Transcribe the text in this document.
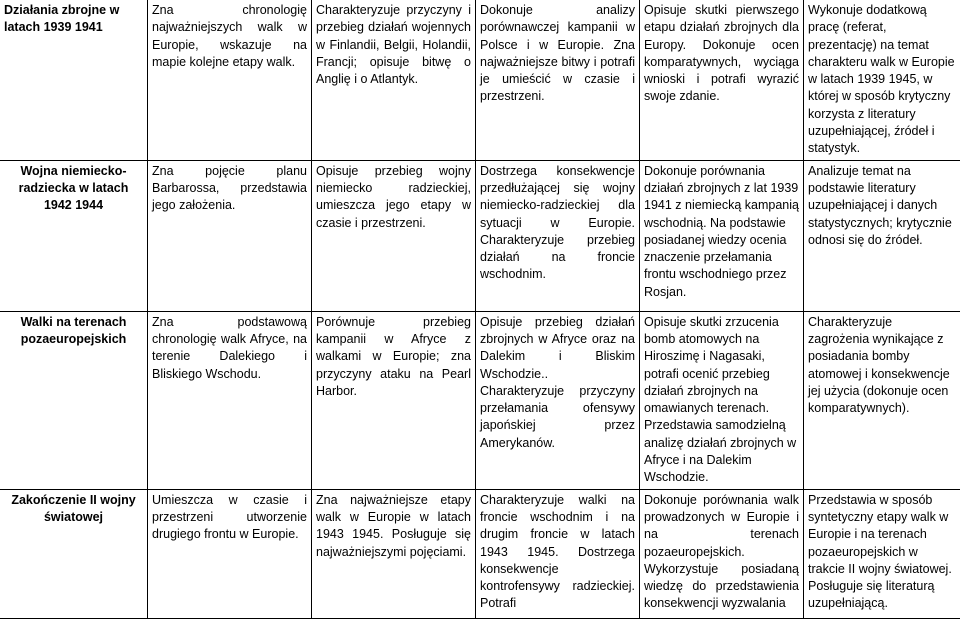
Działania zbrojne w latach 1939 1941	Zna chronologię najważniejszych walk w Europie, wskazuje na mapie kolejne etapy walk.	Charakteryzuje przyczyny i przebieg działań wojennych w Finlandii, Belgii, Holandii, Francji; opisuje bitwę o Anglię i o Atlantyk.	Dokonuje analizy porównawczej kampanii w Polsce i w Europie. Zna najważniejsze bitwy i potrafi je umieścić w czasie i przestrzeni.	Opisuje skutki pierwszego etapu działań zbrojnych dla Europy. Dokonuje ocen komparatywnych, wyciąga wnioski i potrafi wyrazić swoje zdanie.	Wykonuje dodatkową pracę (referat, prezentację) na temat charakteru walk w Europie w latach 1939 1945, w której w sposób krytyczny korzysta z literatury uzupełniającej, źródeł i statystyk.
Wojna niemiecko-radziecka w latach 1942 1944	Zna pojęcie planu Barbarossa, przedstawia jego założenia.	Opisuje przebieg wojny niemiecko radzieckiej, umieszcza jego etapy w czasie i przestrzeni.	Dostrzega konsekwencje przedłużającej się wojny niemiecko-radzieckiej dla sytuacji w Europie. Charakteryzuje przebieg działań na froncie wschodnim.	Dokonuje porównania działań zbrojnych z lat 1939 1941 z niemiecką kampanią wschodnią. Na podstawie posiadanej wiedzy ocenia znaczenie przełamania frontu wschodniego przez Rosjan.	Analizuje temat na podstawie literatury uzupełniającej i danych statystycznych; krytycznie odnosi się do źródeł.
Walki na terenach pozaeuropejskich	Zna podstawową chronologię walk Afryce, na terenie Dalekiego i Bliskiego Wschodu.	Porównuje przebieg kampanii w Afryce z walkami w Europie; zna przyczyny ataku na Pearl Harbor.	Opisuje przebieg działań zbrojnych w Afryce oraz na Dalekim i Bliskim Wschodzie.. Charakteryzuje przyczyny przełamania ofensywy japońskiej przez Amerykanów.	Opisuje skutki zrzucenia bomb atomowych na Hiroszimę i Nagasaki, potrafi ocenić przebieg działań zbrojnych na omawianych terenach. Przedstawia samodzielną analizę działań zbrojnych w Afryce i na Dalekim Wschodzie.	Charakteryzuje zagrożenia wynikające z posiadania bomby atomowej i konsekwencje jej użycia (dokonuje ocen komparatywnych).
Zakończenie II wojny światowej	Umieszcza w czasie i przestrzeni utworzenie drugiego frontu w Europie.	Zna najważniejsze etapy walk w Europie w latach 1943 1945. Posługuje się najważniejszymi pojęciami.	Charakteryzuje walki na froncie wschodnim i na drugim froncie w latach 1943 1945. Dostrzega konsekwencje kontrofensywy radzieckiej. Potrafi	Dokonuje porównania walk prowadzonych w Europie i na terenach pozaeuropejskich. Wykorzystuje posiadaną wiedzę do przedstawienia konsekwencji wyzwalania	Przedstawia w sposób syntetyczny etapy walk w Europie i na terenach pozaeuropejskich w trakcie II wojny światowej. Posługuje się literaturą uzupełniającą.
